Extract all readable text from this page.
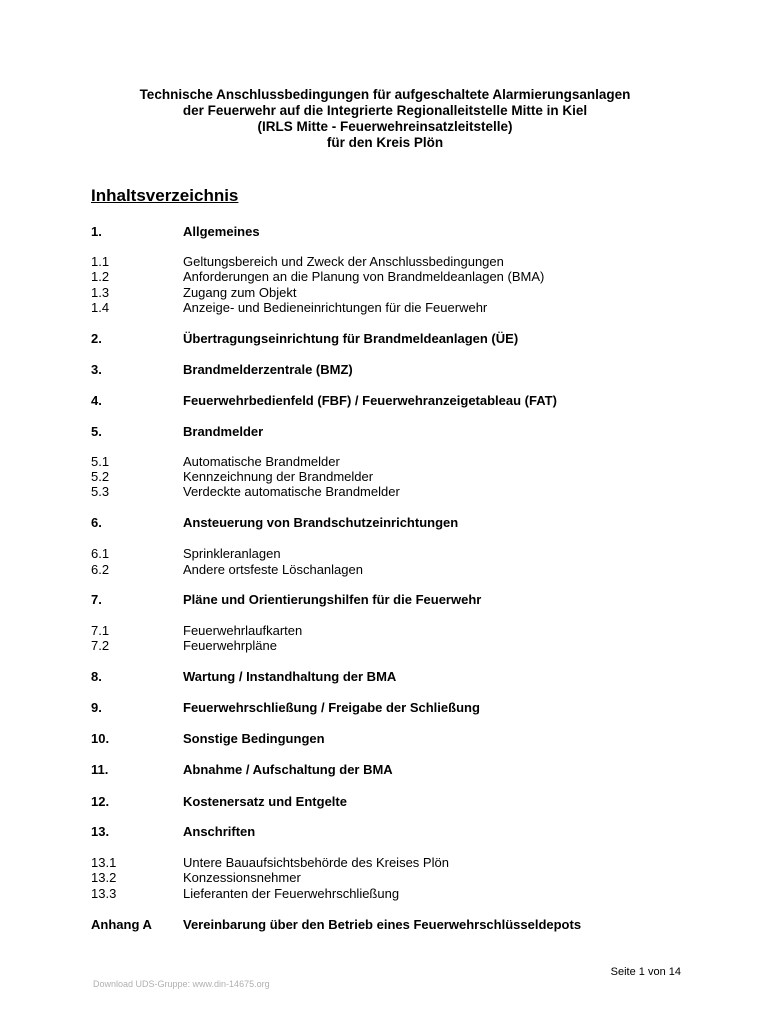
Technische Anschlussbedingungen für aufgeschaltete Alarmierungsanlagen
der Feuerwehr auf die Integrierte Regionalleitstelle Mitte in Kiel
(IRLS Mitte - Feuerwehreinsatzleitstelle)
für den Kreis Plön
Inhaltsverzeichnis
1.	Allgemeines
1.1	Geltungsbereich und Zweck der Anschlussbedingungen
1.2	Anforderungen an die Planung von Brandmeldeanlagen (BMA)
1.3	Zugang zum Objekt
1.4	Anzeige- und Bedieneinrichtungen für die Feuerwehr
2.	Übertragungseinrichtung für Brandmeldeanlagen (ÜE)
3.	Brandmelderzentrale (BMZ)
4.	Feuerwehrbedienfeld (FBF) / Feuerwehranzeigetableau (FAT)
5.	Brandmelder
5.1	Automatische Brandmelder
5.2	Kennzeichnung der Brandmelder
5.3	Verdeckte automatische Brandmelder
6.	Ansteuerung von Brandschutzeinrichtungen
6.1	Sprinkleranlagen
6.2	Andere ortsfeste Löschanlagen
7.	Pläne und Orientierungshilfen für die Feuerwehr
7.1	Feuerwehrlaufkarten
7.2	Feuerwehrpläne
8.	Wartung / Instandhaltung der BMA
9.	Feuerwehrschließung / Freigabe der Schließung
10.	Sonstige Bedingungen
11.	Abnahme / Aufschaltung der BMA
12.	Kostenersatz und Entgelte
13.	Anschriften
13.1	Untere Bauaufsichtsbehörde des Kreises Plön
13.2	Konzessionsnehmer
13.3	Lieferanten der Feuerwehrschließung
Anhang A	Vereinbarung über den Betrieb eines Feuerwehrschlüsseldepots
Seite 1 von 14
Download UDS-Gruppe: www.din-14675.org
